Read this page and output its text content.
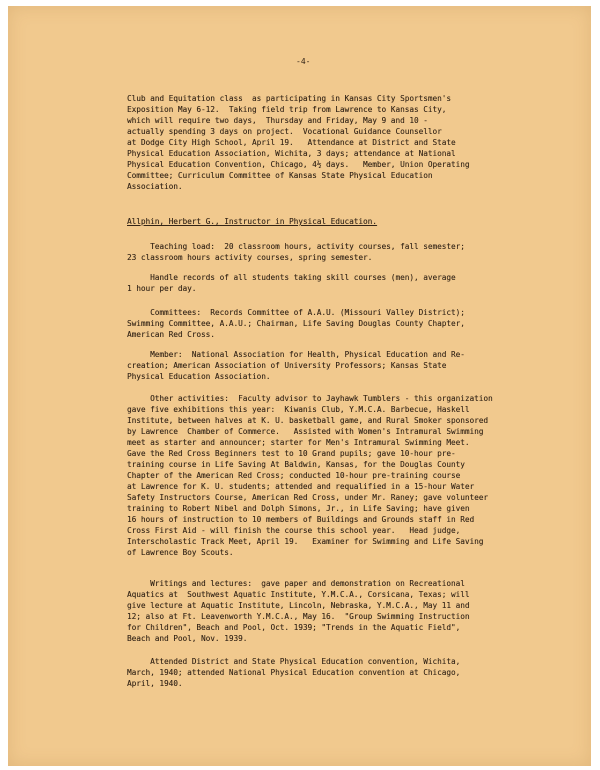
-4-

Club and Equitation class  as participating in Kansas City Sportsmen's
Exposition May 6-12.  Taking field trip from Lawrence to Kansas City,
which will require two days,  Thursday and Friday, May 9 and 10 -
actually spending 3 days on project.  Vocational Guidance Counsellor
at Dodge City High School, April 19.   Attendance at District and State
Physical Education Association, Wichita, 3 days; attendance at National
Physical Education Convention, Chicago, 4½ days.   Member, Union Operating
Committee; Curriculum Committee of Kansas State Physical Education
Association.

Allphin, Herbert G., Instructor in Physical Education.

Teaching load:  20 classroom hours, activity courses, fall semester;
23 classroom hours activity courses, spring semester.

Handle records of all students taking skill courses (men), average
1 hour per day.

Committees:  Records Committee of A.A.U. (Missouri Valley District);
Swimming Committee, A.A.U.; Chairman, Life Saving Douglas County Chapter,
American Red Cross.

Member:  National Association for Health, Physical Education and Re-
creation; American Association of University Professors; Kansas State
Physical Education Association.

Other activities:  Faculty advisor to Jayhawk Tumblers - this organization
gave five exhibitions this year:  Kiwanis Club, Y.M.C.A. Barbecue, Haskell
Institute, between halves at K. U. basketball game, and Rural Smoker sponsored
by Lawrence  Chamber of Commerce.   Assisted with Women's Intramural Swimming
meet as starter and announcer; starter for Men's Intramural Swimming Meet.
Gave the Red Cross Beginners test to 10 Grand pupils; gave 10-hour pre-
training course in Life Saving At Baldwin, Kansas, for the Douglas County
Chapter of the American Red Cross; conducted 10-hour pre-training course
at Lawrence for K. U. students; attended and requalified in a 15-hour Water
Safety Instructors Course, American Red Cross, under Mr. Raney; gave volunteer
training to Robert Nibel and Dolph Simons, Jr., in Life Saving; have given
16 hours of instruction to 10 members of Buildings and Grounds staff in Red
Cross First Aid - will finish the course this school year.   Head judge,
Interscholastic Track Meet, April 19.   Examiner for Swimming and Life Saving
of Lawrence Boy Scouts.

Writings and lectures:  gave paper and demonstration on Recreational
Aquatics at  Southwest Aquatic Institute, Y.M.C.A., Corsicana, Texas; will
give lecture at Aquatic Institute, Lincoln, Nebraska, Y.M.C.A., May 11 and
12; also at Ft. Leavenworth Y.M.C.A., May 16.  "Group Swimming Instruction
for Children", Beach and Pool, Oct. 1939; "Trends in the Aquatic Field",
Beach and Pool, Nov. 1939.

Attended District and State Physical Education convention, Wichita,
March, 1940; attended National Physical Education convention at Chicago,
April, 1940.
